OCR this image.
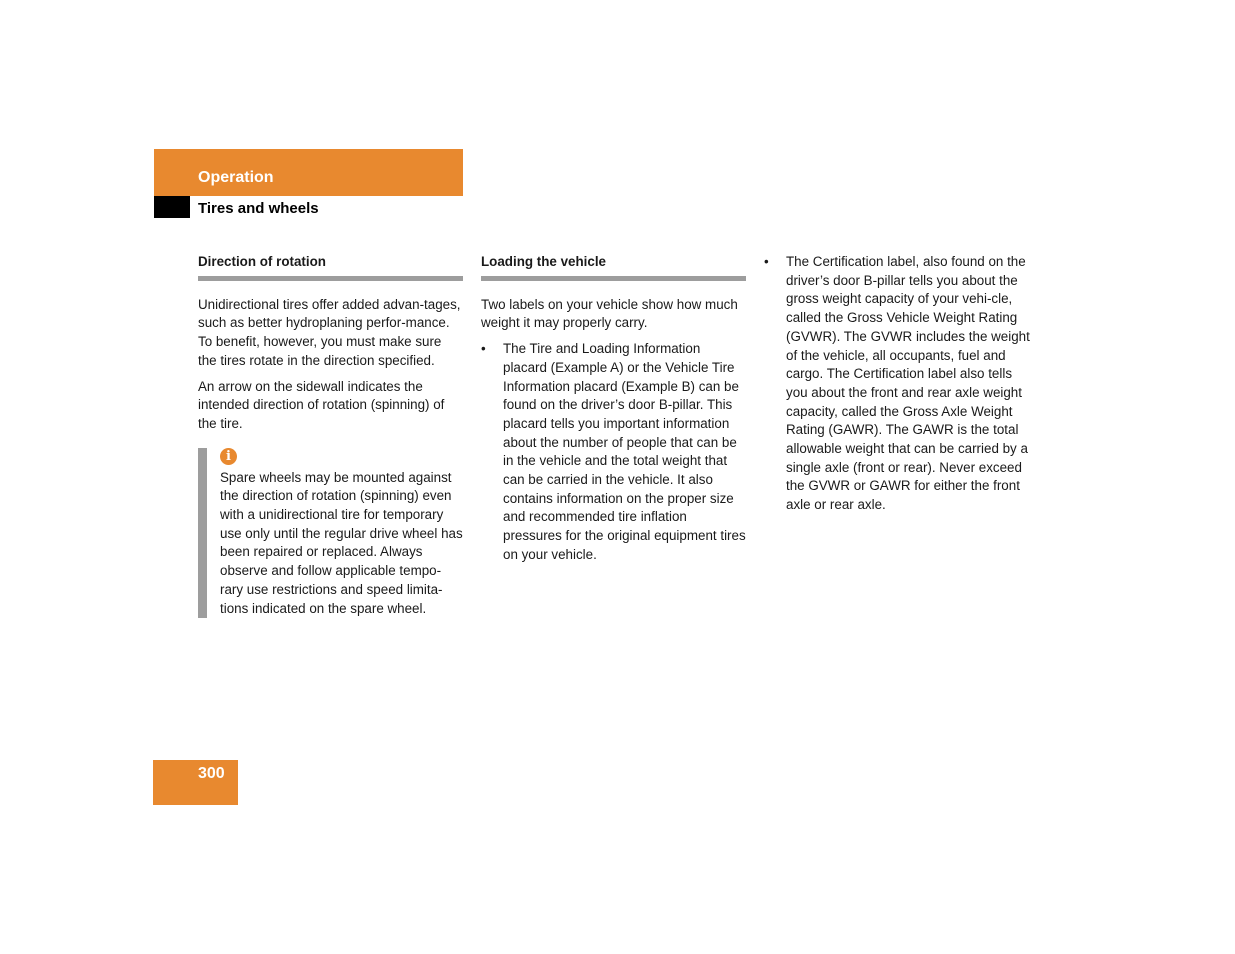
Operation
Tires and wheels
Direction of rotation

Unidirectional tires offer added advan-tages, such as better hydroplaning perfor-mance. To benefit, however, you must make sure the tires rotate in the direction specified.

An arrow on the sidewall indicates the intended direction of rotation (spinning) of the tire.

i
Spare wheels may be mounted against the direction of rotation (spinning) even with a unidirectional tire for temporary use only until the regular drive wheel has been repaired or replaced. Always observe and follow applicable tempo-rary use restrictions and speed limita-tions indicated on the spare wheel.
Loading the vehicle

Two labels on your vehicle show how much weight it may properly carry.

• The Tire and Loading Information placard (Example A) or the Vehicle Tire Information placard (Example B) can be found on the driver’s door B-pillar. This placard tells you important information about the number of people that can be in the vehicle and the total weight that can be carried in the vehicle. It also contains information on the proper size and recommended tire inflation pressures for the original equipment tires on your vehicle.
• The Certification label, also found on the driver’s door B-pillar tells you about the gross weight capacity of your vehi-cle, called the Gross Vehicle Weight Rating (GVWR). The GVWR includes the weight of the vehicle, all occupants, fuel and cargo. The Certification label also tells you about the front and rear axle weight capacity, called the Gross Axle Weight Rating (GAWR). The GAWR is the total allowable weight that can be carried by a single axle (front or rear). Never exceed the GVWR or GAWR for either the front axle or rear axle.
300
